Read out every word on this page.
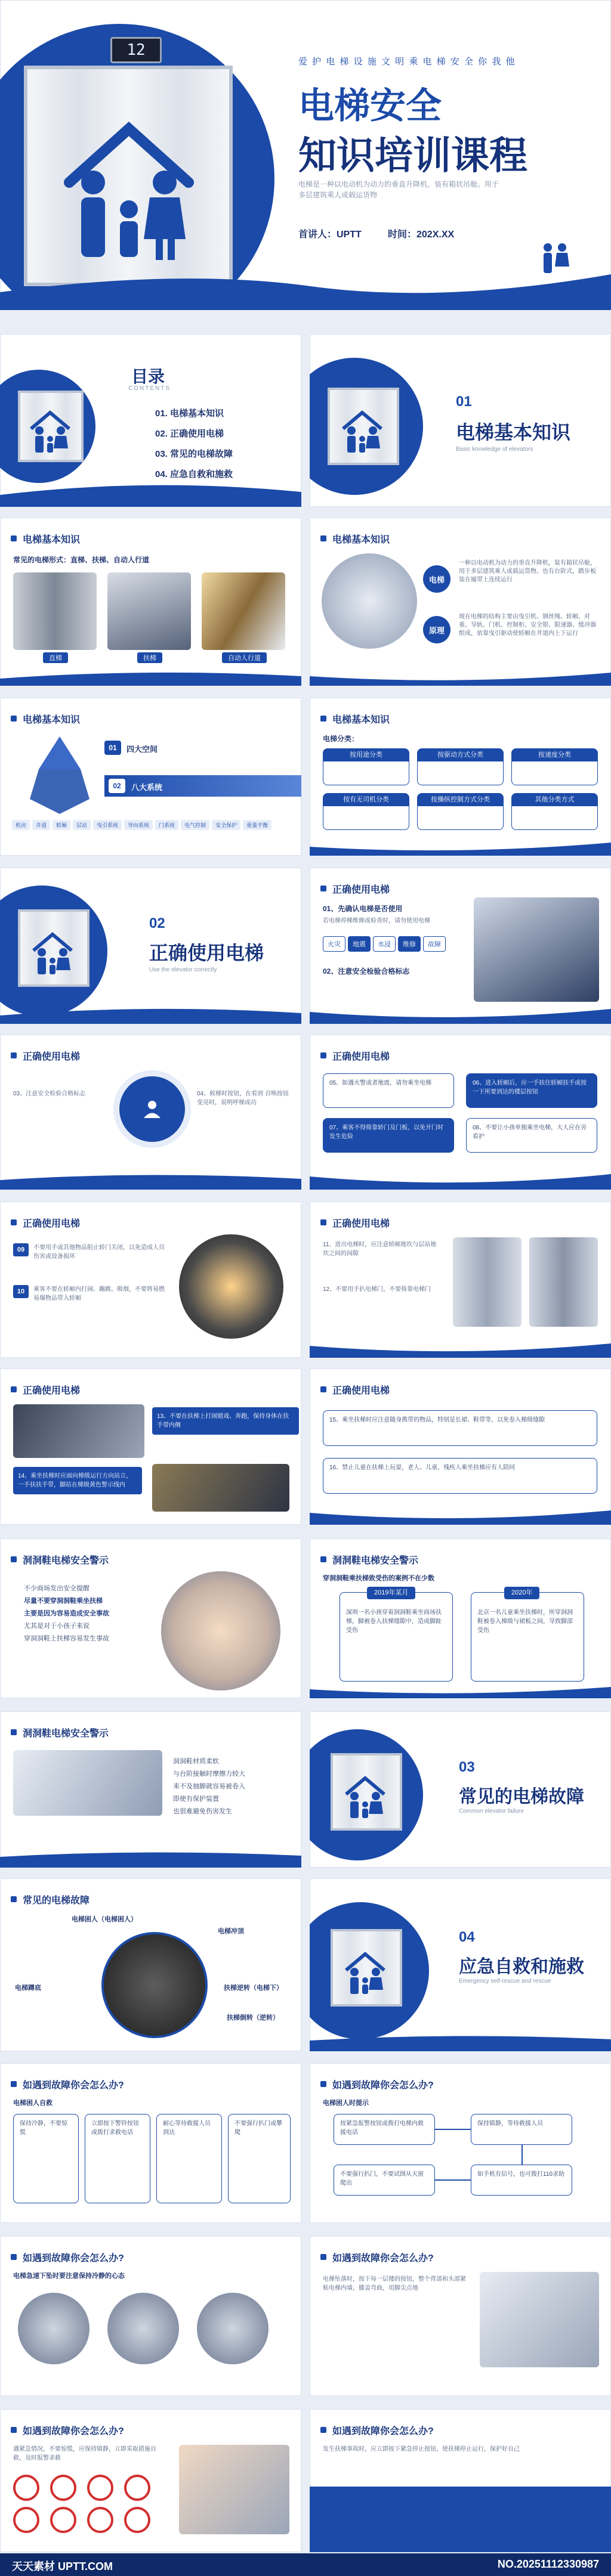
12
爱 护 电 梯 设 施 文 明 乘 电 梯 安 全 你 我 他
电梯安全
知识培训课程
电梯是一种以电动机为动力的垂直升降机，装有箱状吊舱。用于多层建筑乘人或载运货物
首讲人：UPTT	时间：202X.XX
目录
CONTENTS
01. 电梯基本知识
02. 正确使用电梯
03. 常见的电梯故障
04. 应急自救和施救
01
电梯基本知识
Basic knowledge of elevators
电梯基本知识
常见的电梯形式：直梯、扶梯、自动人行道
直梯	扶梯	自动人行道
电梯基本知识
电梯
原理
一种以电动机为动力的垂直升降机，装有箱状吊舱，用于多层建筑乘人或载运货物。也有台阶式，踏步板装在履带上连续运行
现在电梯的结构主要由曳引机、钢丝绳、轿厢、对重、导轨、门机、控制柜、安全钳、限速器、缓冲器组成，依靠曳引驱动使轿厢在井道内上下运行
电梯基本知识
01	四大空间
02	八大系统
机房	井道	轿厢	层站	曳引系统	导向系统	门系统	电气控制	安全保护	重量平衡
电梯基本知识
电梯分类：
按用途分类	按驱动方式分类	按速度分类
按有无司机分类	按操纵控制方式分类	其他分类方式
02
正确使用电梯
Use the elevator correctly
正确使用电梯
01、先确认电梯是否使用
若电梯停梯维修或检查时，请勿使用电梯
火灾	地震	水浸	维修	故障
02、注意安全检验合格标志
正确使用电梯
03、注意安全检验合格标志	04、候梯时按钮，在看到 召唤按钮变亮时，说明呼梯成功
正确使用电梯
05、如遇火警或者地震，请勿乘坐电梯	06、进入轿厢后，应一手扶住轿厢扶手或按一下所要到达的楼层按钮
07、乘客不得倚靠轿门及门板，以免开门时发生危险
08、不要让小孩单独乘坐电梯，大人应在旁看护
正确使用电梯
09	不要用手或其他物品阻止轿门关闭，以免造成人员伤害或设备损坏
10	乘客不要在轿厢内打闹、蹦跳、吸烟，不要将易燃易爆物品带入轿厢
正确使用电梯
11、进出电梯时，应注意轿厢地坎与层站地坎之间的间隙
12、不要用手扒电梯门，不要倚靠电梯门
正确使用电梯
13、不要在扶梯上打闹嬉戏、奔跑，保持身体在扶手带内侧
14、乘坐扶梯时应面向梯级运行方向站立，一手扶扶手带，脚站在梯级黄色警示线内
正确使用电梯
15、乘坐扶梯时应注意随身携带的物品，特别是长裙、鞋带等，以免卷入梯级缝隙
16、禁止儿童在扶梯上玩耍，老人、儿童、残疾人乘坐扶梯应有人陪同
洞洞鞋电梯安全警示
不少商场发出安全提醒
尽量不要穿洞洞鞋乘坐扶梯
主要是因为容易造成安全事故
尤其是对于小孩子来说
穿洞洞鞋上扶梯容易发生事故
洞洞鞋电梯安全警示
穿洞洞鞋乘扶梯致受伤的案例不在少数
2019年某月
深圳一名小孩穿着洞洞鞋乘坐商场扶梯，脚被卷入扶梯缝隙中，造成脚趾受伤
2020年
北京一名儿童乘坐扶梯时，所穿洞洞鞋被卷入梯级与裙板之间，导致脚部受伤
洞洞鞋电梯安全警示
洞洞鞋材质柔软
与台阶接触时摩擦力较大
来不及抽脚就容易被卷入
即使有保护装置
也很难避免伤害发生
03
常见的电梯故障
Common elevator failure
常见的电梯故障
电梯困人（电梯困人）
电梯冲顶
电梯蹲底	扶梯逆转（电梯下）
扶梯倒转（逆转）
04
应急自救和施救
Emergency self-rescue and rescue
如遇到故障你会怎么办?
电梯困人自救
保持冷静，不要惊慌
立即按下警铃按钮或拨打求救电话
耐心等待救援人员到达
不要强行扒门或攀爬
如遇到故障你会怎么办?
电梯困人时提示
按紧急报警按钮或拨打电梯内救援电话
保持镇静，等待救援人员
不要强行扒门，不要试图从天窗爬出
如手机有信号，也可拨打110求助
如遇到故障你会怎么办?
电梯急速下坠时要注意保持冷静的心态
如遇到故障你会怎么办?
电梯坠落时，按下每一层楼的按钮，整个背部和头部紧贴电梯内墙，膝盖弯曲，用脚尖点地
如遇到故障你会怎么办?
遇紧急情况，不要惊慌，应保持镇静，立即采取措施自救，及时报警求救
如遇到故障你会怎么办?
发生扶梯事故时，应立即按下紧急停止按钮，使扶梯停止运行，保护好自己
天天素材 UPTT.COM	NO.20251112330987
